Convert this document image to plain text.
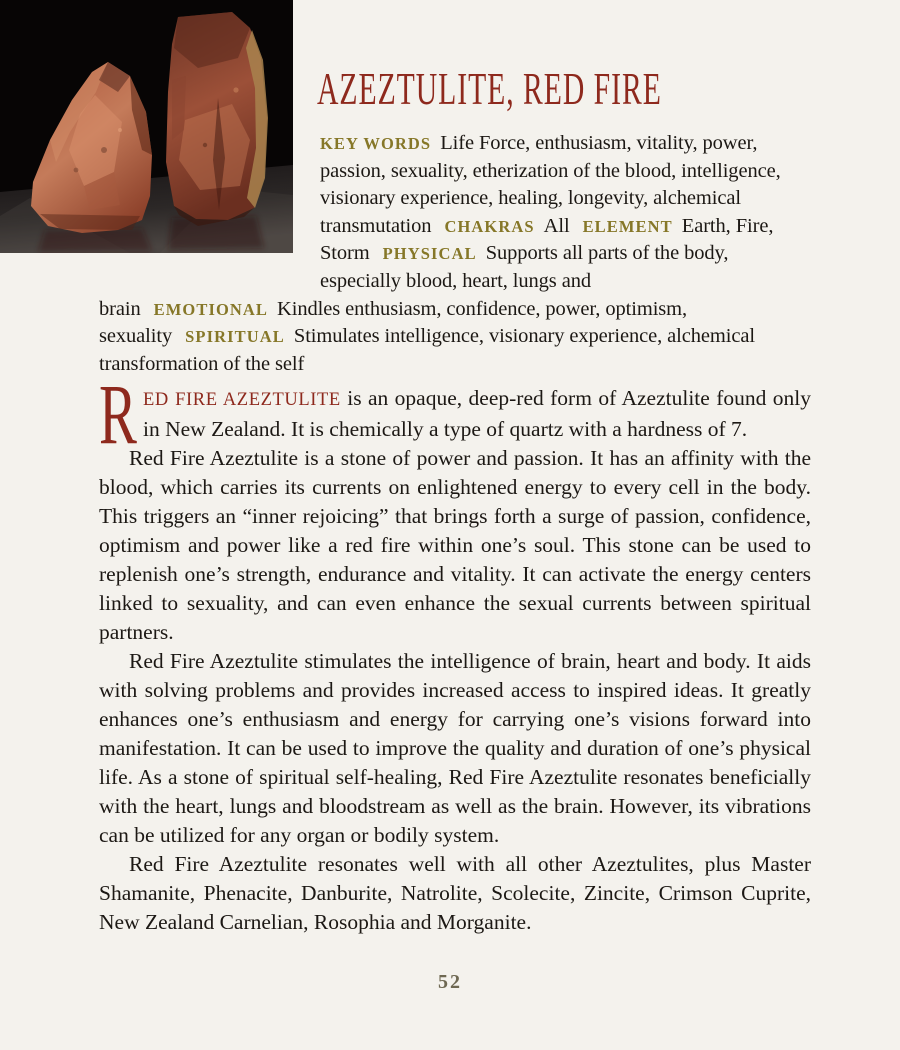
AZEZTULITE, RED FIRE

KEY WORDS Life Force, enthusiasm, vitality, power, passion, sexuality, etherization of the blood, intelligence, visionary experience, healing, longevity, alchemical transmutation CHAKRAS All ELEMENT Earth, Fire, Storm PHYSICAL Supports all parts of the body, especially blood, heart, lungs and brain EMOTIONAL Kindles enthusiasm, confidence, power, optimism, sexuality SPIRITUAL Stimulates intelligence, visionary experience, alchemical transformation of the self

RED FIRE AZEZTULITE is an opaque, deep-red form of Azeztulite found only in New Zealand. It is chemically a type of quartz with a hardness of 7.

Red Fire Azeztulite is a stone of power and passion. It has an affinity with the blood, which carries its currents on enlightened energy to every cell in the body. This triggers an “inner rejoicing” that brings forth a surge of passion, confidence, optimism and power like a red fire within one’s soul. This stone can be used to replenish one’s strength, endurance and vitality. It can activate the energy centers linked to sexuality, and can even enhance the sexual currents between spiritual partners.

Red Fire Azeztulite stimulates the intelligence of brain, heart and body. It aids with solving problems and provides increased access to inspired ideas. It greatly enhances one’s enthusiasm and energy for carrying one’s visions forward into manifestation. It can be used to improve the quality and duration of one’s physical life. As a stone of spiritual self-healing, Red Fire Azeztulite resonates beneficially with the heart, lungs and bloodstream as well as the brain. However, its vibrations can be utilized for any organ or bodily system.

Red Fire Azeztulite resonates well with all other Azeztulites, plus Master Shamanite, Phenacite, Danburite, Natrolite, Scolecite, Zincite, Crimson Cuprite, New Zealand Carnelian, Rosophia and Morganite.

52
